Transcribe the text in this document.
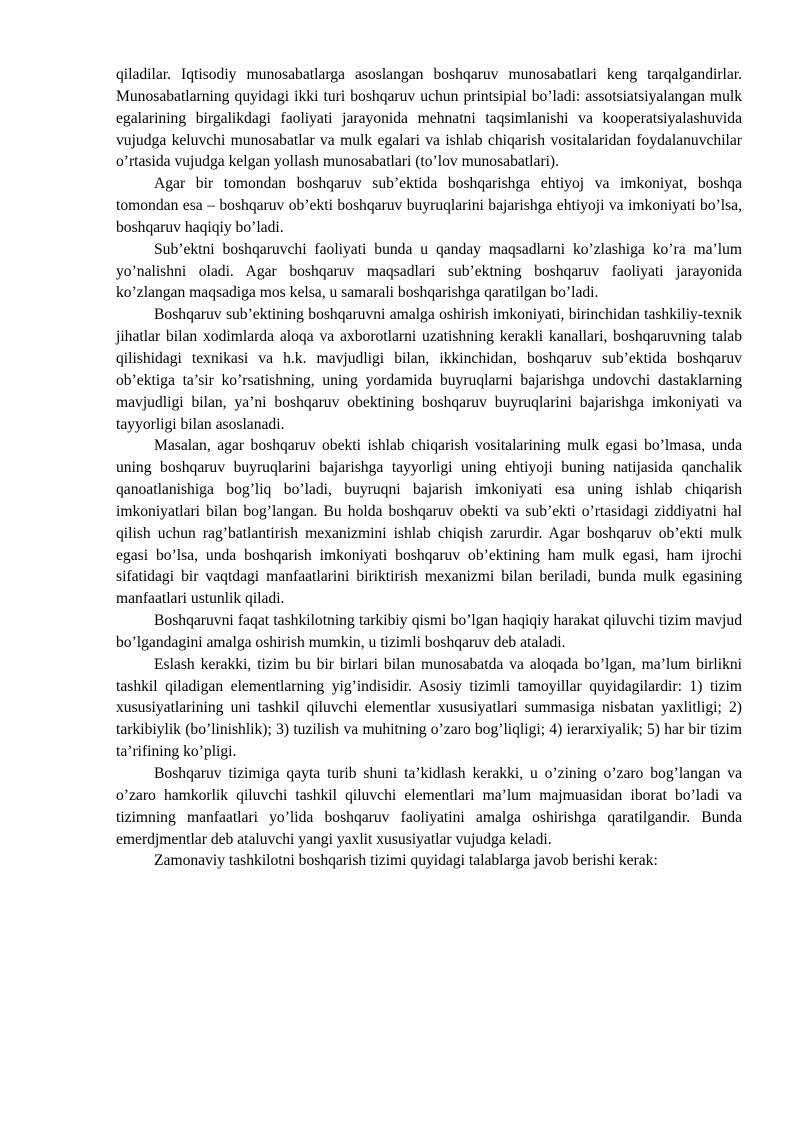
qiladilar. Iqtisodiy munosabatlarga asoslangan boshqaruv munosabatlari keng tarqalgandirlar. Munosabatlarning quyidagi ikki turi boshqaruv uchun printsipial bo’ladi: assotsiatsiyalangan mulk egalarining birgalikdagi faoliyati jarayonida mehnatni taqsimlanishi va kooperatsiyalashuvida vujudga keluvchi munosabatlar va mulk egalari va ishlab chiqarish vositalaridan foydalanuvchilar o’rtasida vujudga kelgan yollash munosabatlari (to’lov munosabatlari).

Agar bir tomondan boshqaruv sub’ektida boshqarishga ehtiyoj va imkoniyat, boshqa tomondan esa – boshqaruv ob’ekti boshqaruv buyruqlarini bajarishga ehtiyoji va imkoniyati bo’lsa, boshqaruv haqiqiy bo’ladi.

Sub’ektni boshqaruvchi faoliyati bunda u qanday maqsadlarni ko’zlashiga ko’ra ma’lum yo’nalishni oladi. Agar boshqaruv maqsadlari sub’ektning boshqaruv faoliyati jarayonida ko’zlangan maqsadiga mos kelsa, u samarali boshqarishga qaratilgan bo’ladi.

Boshqaruv sub’ektining boshqaruvni amalga oshirish imkoniyati, birinchidan tashkiliy-texnik jihatlar bilan xodimlarda aloqa va axborotlarni uzatishning kerakli kanallari, boshqaruvning talab qilishidagi texnikasi va h.k. mavjudligi bilan, ikkinchidan, boshqaruv sub’ektida boshqaruv ob’ektiga ta’sir ko’rsatishning, uning yordamida buyruqlarni bajarishga undovchi dastaklarning mavjudligi bilan, ya’ni boshqaruv obektining boshqaruv buyruqlarini bajarishga imkoniyati va tayyorligi bilan asoslanadi.

Masalan, agar boshqaruv obekti ishlab chiqarish vositalarining mulk egasi bo’lmasa, unda uning boshqaruv buyruqlarini bajarishga tayyorligi uning ehtiyoji buning natijasida qanchalik qanoatlanishiga bog’liq bo’ladi, buyruqni bajarish imkoniyati esa uning ishlab chiqarish imkoniyatlari bilan bog’langan. Bu holda boshqaruv obekti va sub’ekti o’rtasidagi ziddiyatni hal qilish uchun rag’batlantirish mexanizmini ishlab chiqish zarurdir. Agar boshqaruv ob’ekti mulk egasi bo’lsa, unda boshqarish imkoniyati boshqaruv ob’ektining ham mulk egasi, ham ijrochi sifatidagi bir vaqtdagi manfaatlarini biriktirish mexanizmi bilan beriladi, bunda mulk egasining manfaatlari ustunlik qiladi.

Boshqaruvni faqat tashkilotning tarkibiy qismi bo’lgan haqiqiy harakat qiluvchi tizim mavjud bo’lgandagini amalga oshirish mumkin, u tizimli boshqaruv deb ataladi.

Eslash kerakki, tizim bu bir birlari bilan munosabatda va aloqada bo’lgan, ma’lum birlikni tashkil qiladigan elementlarning yig’indisidir. Asosiy tizimli tamoyillar quyidagilardir: 1) tizim xususiyatlarining uni tashkil qiluvchi elementlar xususiyatlari summasiga nisbatan yaxlitligi; 2) tarkibiylik (bo’linishlik); 3) tuzilish va muhitning o’zaro bog’liqligi; 4) ierarxiyalik; 5) har bir tizim ta’rifining ko’pligi.

Boshqaruv tizimiga qayta turib shuni ta’kidlash kerakki, u o’zining o’zaro bog’langan va o’zaro hamkorlik qiluvchi tashkil qiluvchi elementlari ma’lum majmuasidan iborat bo’ladi va tizimning manfaatlari yo’lida boshqaruv faoliyatini amalga oshirishga qaratilgandir. Bunda emerdjmentlar deb ataluvchi yangi yaxlit xususiyatlar vujudga keladi.

Zamonaviy tashkilotni boshqarish tizimi quyidagi talablarga javob berishi kerak:
